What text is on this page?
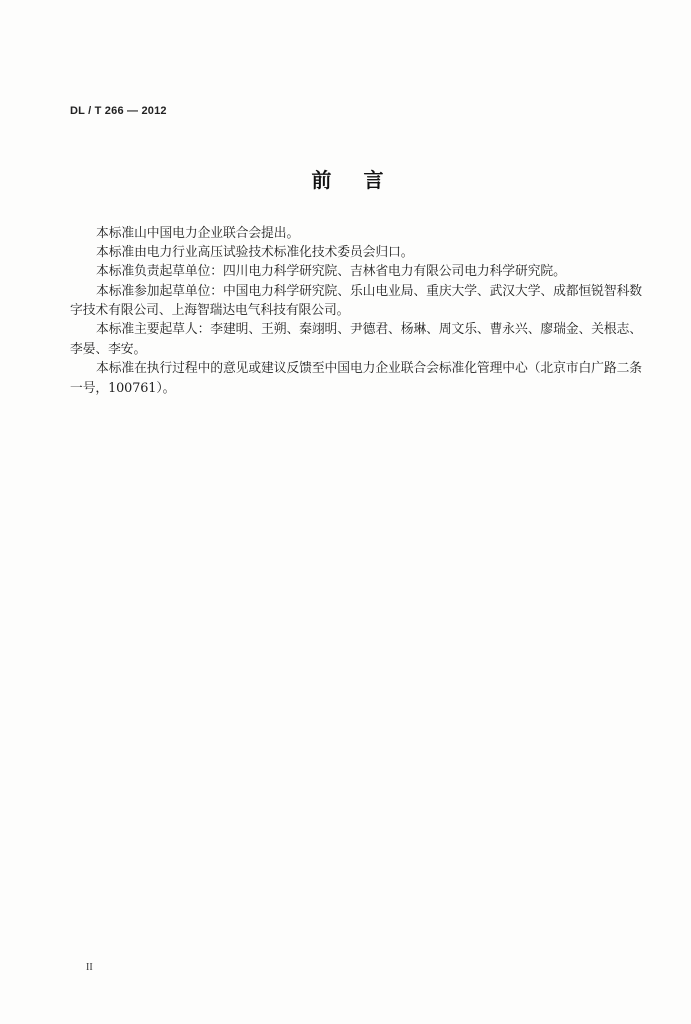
DL / T 266 — 2012
前　言
本标准山中国电力企业联合会提出。
本标准由电力行业高压试验技术标准化技术委员会归口。
本标准负责起草单位：四川电力科学研究院、吉林省电力有限公司电力科学研究院。
本标准参加起草单位：中国电力科学研究院、乐山电业局、重庆大学、武汉大学、成都恒锐智科数
字技术有限公司、上海智瑞达电气科技有限公司。
本标准主要起草人：李建明、王朔、秦翊明、尹德君、杨琳、周文乐、曹永兴、廖瑞金、关根志、
李晏、李安。
本标准在执行过程中的意见或建议反馈至中国电力企业联合会标准化管理中心（北京市白广路二条
一号，100761）。
II
